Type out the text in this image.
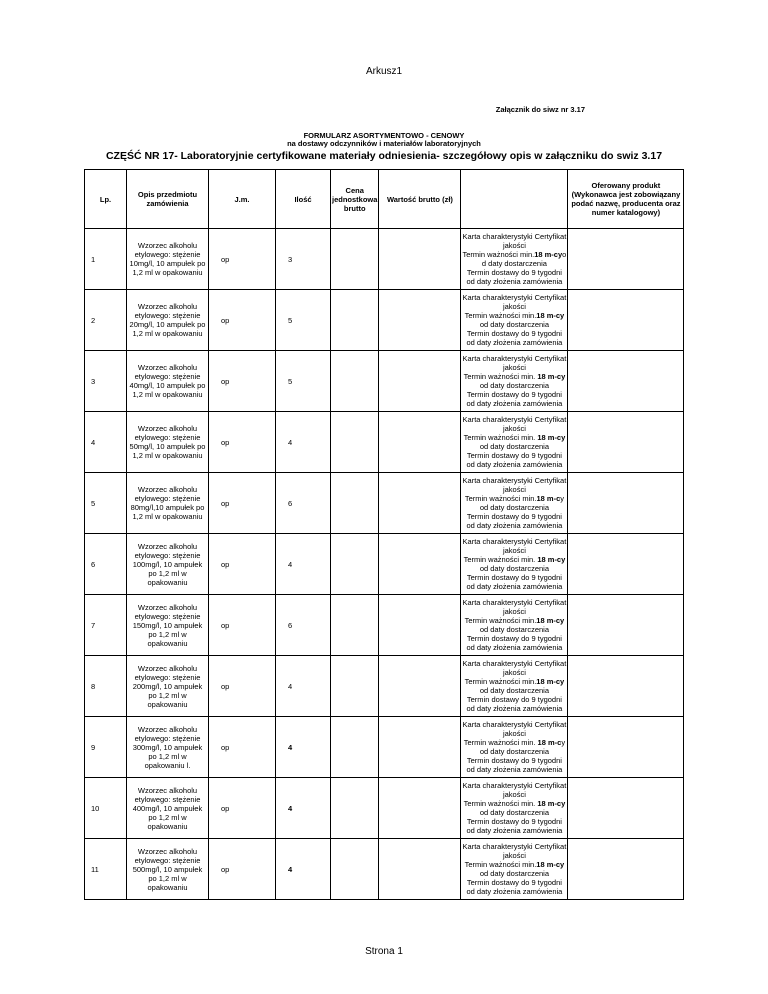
Arkusz1
Załącznik do siwz nr 3.17
FORMULARZ ASORTYMENTOWO - CENOWY
na dostawy odczynników i materiałów laboratoryjnych
CZĘŚĆ NR 17- Laboratoryjnie certyfikowane materiały odniesienia- szczegółowy opis w załączniku do swiz 3.17
Lp.	Opis przedmiotu zamówienia	J.m.	Ilość	Cena jednostkowa brutto	Wartość brutto (zł)		Oferowany produkt (Wykonawca jest zobowiązany podać nazwę, producenta oraz numer katalogowy)
1	Wzorzec alkoholu etylowego: stężenie 10mg/l, 10 ampułek po 1,2 ml w opakowaniu	op	3			Karta charakterystyki Certyfikat jakości
Termin ważności min.18 m-cyo
d daty dostarczenia
Termin dostawy do 9 tygodni od daty złożenia zamówienia	
2	Wzorzec alkoholu etylowego: stężenie 20mg/l, 10 ampułek po 1,2 ml w opakowaniu	op	5			Karta charakterystyki Certyfikat jakości
Termin ważności min.18 m-cy
od daty dostarczenia
Termin dostawy do 9 tygodni od daty złożenia zamówienia	
3	Wzorzec alkoholu etylowego: stężenie 40mg/l, 10 ampułek po 1,2 ml w opakowaniu	op	5			Karta charakterystyki Certyfikat jakości
Termin ważności min. 18 m-cy
od daty dostarczenia
Termin dostawy do 9 tygodni od daty złożenia zamówienia	
4	Wzorzec alkoholu etylowego: stężenie 50mg/l, 10 ampułek po 1,2 ml w opakowaniu	op	4			Karta charakterystyki Certyfikat jakości
Termin ważności min. 18 m-cy
od daty dostarczenia
Termin dostawy do 9 tygodni od daty złożenia zamówienia	
5	Wzorzec alkoholu etylowego: stężenie 80mg/l,10 ampułek po 1,2 ml w opakowaniu	op	6			Karta charakterystyki Certyfikat jakości
Termin ważności min.18 m-cy
od daty dostarczenia
Termin dostawy do 9 tygodni od daty złożenia zamówienia	
6	Wzorzec alkoholu etylowego: stężenie 100mg/l, 10 ampułek po 1,2 ml w opakowaniu	op	4			Karta charakterystyki Certyfikat jakości
Termin ważności min. 18 m-cy
od daty dostarczenia
Termin dostawy do 9 tygodni od daty złożenia zamówienia	
7	Wzorzec alkoholu etylowego: stężenie 150mg/l, 10 ampułek po 1,2 ml w opakowaniu	op	6			Karta charakterystyki Certyfikat jakości
Termin ważności min.18 m-cy
od daty dostarczenia
Termin dostawy do 9 tygodni od daty złożenia zamówienia	
8	Wzorzec alkoholu etylowego: stężenie 200mg/l, 10 ampułek po 1,2 ml w opakowaniu	op	4			Karta charakterystyki Certyfikat jakości
Termin ważności min.18 m-cy
od daty dostarczenia
Termin dostawy do 9 tygodni od daty złożenia zamówienia	
9	Wzorzec alkoholu etylowego: stężenie 300mg/l, 10 ampułek po 1,2 ml w opakowaniu l.	op	4			Karta charakterystyki Certyfikat jakości
Termin ważności min. 18 m-cy
od daty dostarczenia
Termin dostawy do 9 tygodni od daty złożenia zamówienia	
10	Wzorzec alkoholu etylowego: stężenie 400mg/l, 10 ampułek po 1,2 ml w opakowaniu	op	4			Karta charakterystyki Certyfikat jakości
Termin ważności min. 18 m-cy
od daty dostarczenia
Termin dostawy do 9 tygodni od daty złożenia zamówienia	
11	Wzorzec alkoholu etylowego: stężenie 500mg/l, 10 ampułek po 1,2 ml w opakowaniu	op	4			Karta charakterystyki Certyfikat jakości
Termin ważności min.18 m-cy
od daty dostarczenia
Termin dostawy do 9 tygodni od daty złożenia zamówienia	
Strona 1
